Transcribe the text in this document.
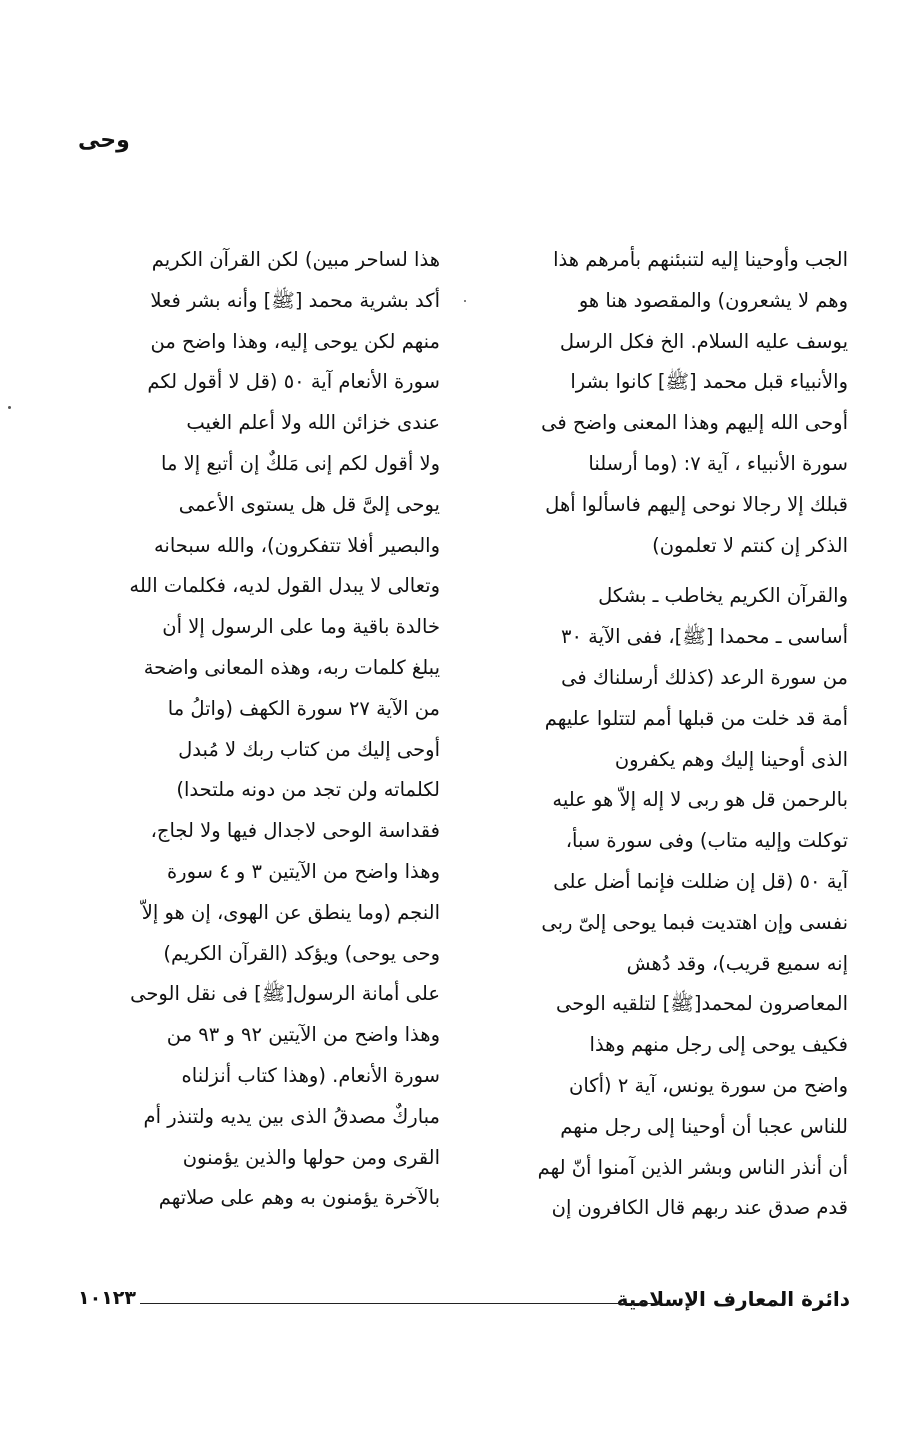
وحى
الجب وأوحينا إليه لتنبئنهم بأمرهم هذا
وهم لا يشعرون) والمقصود هنا هو
يوسف عليه السلام. الخ فكل الرسل
والأنبياء قبل محمد [ﷺ] كانوا بشرا
أوحى الله إليهم وهذا المعنى واضح فى
سورة الأنبياء ، آية ٧: (وما أرسلنا
قبلك إلا رجالا نوحى إليهم فاسألوا أهل
الذكر إن كنتم لا تعلمون)
والقرآن الكريم يخاطب ـ بشكل
أساسى ـ محمدا [ﷺ]، ففى الآية ٣٠
من سورة الرعد (كذلك أرسلناك فى
أمة قد خلت من قبلها أمم لتتلوا عليهم
الذى أوحينا إليك وهم يكفرون
بالرحمن قل هو ربى لا إله إلاّ هو عليه
توكلت وإليه متاب) وفى سورة سبأ،
آية ٥٠ (قل إن ضللت فإنما أضل على
نفسى وإن اهتديت فبما يوحى إلىّ ربى
إنه سميع قريب)، وقد دُهش
المعاصرون لمحمد[ﷺ] لتلقيه الوحى
فكيف يوحى إلى رجل منهم وهذا
واضح من سورة يونس، آية ٢ (أكان
للناس عجبا أن أوحينا إلى رجل منهم
أن أنذر الناس وبشر الذين آمنوا أنّ لهم
قدم صدق عند ربهم قال الكافرون إن
هذا لساحر مبين) لكن القرآن الكريم
أكد بشرية محمد [ﷺ] وأنه بشر فعلا
منهم لكن يوحى إليه، وهذا واضح من
سورة الأنعام آية ٥٠ (قل لا أقول لكم
عندى خزائن الله ولا أعلم الغيب
ولا أقول لكم إنى مَلكٌ إن أتبع إلا ما
يوحى إلىَّ قل هل يستوى الأعمى
والبصير أفلا تتفكرون)، والله سبحانه
وتعالى لا يبدل القول لديه، فكلمات الله
خالدة باقية وما على الرسول إلا أن
يبلغ كلمات ربه، وهذه المعانى واضحة
من الآية ٢٧ سورة الكهف (واتلُ ما
أوحى إليك من كتاب ربك لا مُبدل
لكلماته ولن تجد من دونه ملتحدا)
فقداسة الوحى لاجدال فيها ولا لجاج،
وهذا واضح من الآيتين ٣ و ٤ سورة
النجم (وما ينطق عن الهوى، إن هو إلاّ
وحى يوحى) ويؤكد (القرآن الكريم)
على أمانة الرسول[ﷺ] فى نقل الوحى
وهذا واضح من الآيتين ٩٢ و ٩٣ من
سورة الأنعام. (وهذا كتاب أنزلناه
مباركٌ مصدقُ الذى بين يديه ولتنذر أم
القرى ومن حولها والذين يؤمنون
بالآخرة يؤمنون به وهم على صلاتهم
دائرة المعارف الإسلامية
١٠١٢٣
